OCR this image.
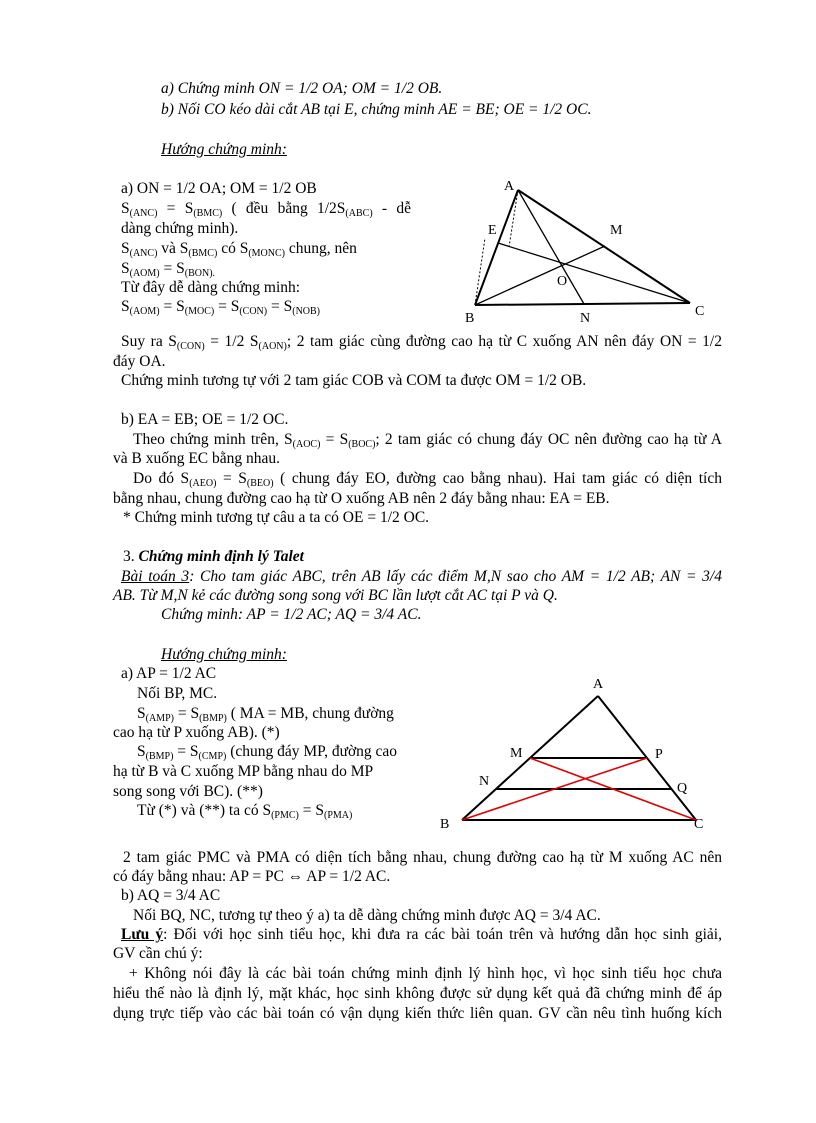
a) Chứng minh ON = 1/2 OA; OM = 1/2 OB.
b) Nối CO kéo dài cắt AB tại E, chứng minh AE = BE; OE = 1/2 OC.
Hướng chứng minh:
a) ON = 1/2 OA; OM = 1/2 OB
$S_{(ANC)} = S_{(BMC)}$ ( đều bằng $1/2S_{(ABC)}$ - dễ
dàng chứng minh).
$S_{(ANC)}$ và $S_{(BMC)}$ có $S_{(MONC)}$ chung, nên
$S_{(AOM)} = S_{(BON).}$
Từ đây dễ dàng chứng minh:
$S_{(AOM)} = S_{(MOC)} = S_{(CON)} = S_{(NOB)}$
A
B	C
E	M
N
O
Suy ra $S_{(CON)} = 1/2$ $S_{(AON)}$; 2 tam giác cùng đường cao hạ từ C xuống AN nên đáy ON = 1/2
đáy OA.
Chứng minh tương tự với 2 tam giác COB và COM ta được OM = 1/2 OB.
b) EA = EB; OE = 1/2 OC.
Theo chứng minh trên, $S_{(AOC)} = S_{(BOC)}$; 2 tam giác có chung đáy OC nên đường cao hạ từ A
và B xuống EC bằng nhau.
Do đó $S_{(AEO)} = S_{(BEO)}$ ( chung đáy EO, đường cao bằng nhau). Hai tam giác có diện tích
bằng nhau, chung đường cao hạ từ O xuống AB nên 2 đáy bằng nhau: EA = EB.
* Chứng minh tương tự câu a ta có OE = 1/2 OC.
3. Chứng minh định lý Talet
Bài toán 3: Cho tam giác ABC, trên AB lấy các điểm M,N sao cho AM = 1/2 AB; AN = 3/4
AB. Từ M,N kẻ các đường song song với BC lần lượt cắt AC tại P và Q.
Chứng minh: AP = 1/2 AC; AQ = 3/4 AC.
Hướng chứng minh:
a) AP = 1/2 AC
Nối BP, MC.
$S_{(AMP)} = S_{(BMP)}$ ( MA = MB, chung đường
cao hạ từ P xuống AB). (*)
$S_{(BMP)} = S_{(CMP)}$ (chung đáy MP, đường cao
hạ từ B và C xuống MP bằng nhau do MP
song song với BC). (**)
Từ (*) và (**) ta có $S_{(PMC)} = S_{(PMA)}$
A
B	C
M
N
P
Q
2 tam giác PMC và PMA có diện tích bằng nhau, chung đường cao hạ từ M xuống AC nên
có đáy bằng nhau: AP = PC ⇔ AP = 1/2 AC.
b) AQ = 3/4 AC
Nối BQ, NC, tương tự theo ý a) ta dễ dàng chứng minh được AQ = 3/4 AC.
Lưu ý: Đối với học sinh tiểu học, khi đưa ra các bài toán trên và hướng dẫn học sinh giải,
GV cần chú ý:
+ Không nói đây là các bài toán chứng minh định lý hình học, vì học sinh tiểu học chưa
hiểu thế nào là định lý, mặt khác, học sinh không được sử dụng kết quả đã chứng minh để áp
dụng trực tiếp vào các bài toán có vận dụng kiến thức liên quan. GV cần nêu tình huống kích
